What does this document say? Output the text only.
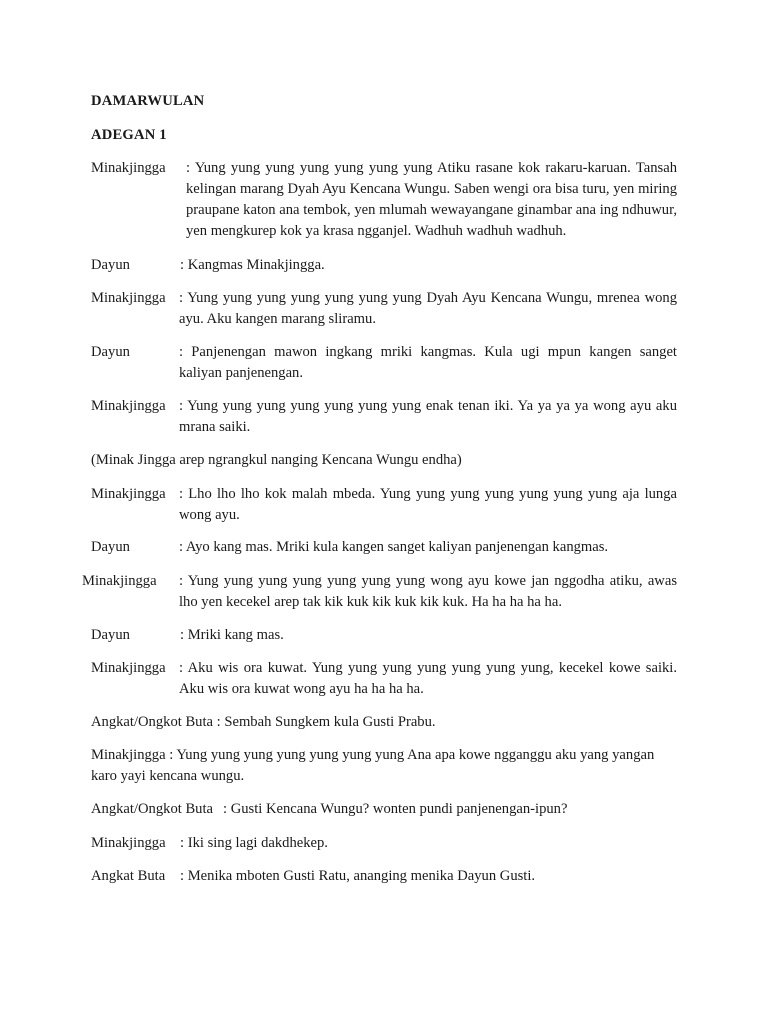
DAMARWULAN
ADEGAN 1
Minakjingga : Yung yung yung yung yung yung yung Atiku rasane kok rakaru-karuan. Tansah kelingan marang Dyah Ayu Kencana Wungu. Saben wengi ora bisa turu, yen miring praupane katon ana tembok, yen mlumah wewayangane ginambar ana ing ndhuwur, yen mengkurep kok ya krasa ngganjel. Wadhuh wadhuh wadhuh.
Dayun	: Kangmas Minakjingga.
Minakjingga : Yung yung yung yung yung yung yung Dyah Ayu Kencana Wungu, mrenea wong ayu. Aku kangen marang sliramu.
Dayun	: Panjenengan mawon ingkang mriki kangmas. Kula ugi mpun kangen sanget kaliyan panjenengan.
Minakjingga : Yung yung yung yung yung yung yung enak tenan iki. Ya ya ya ya wong ayu aku mrana saiki.
(Minak Jingga arep ngrangkul nanging Kencana Wungu endha)
Minakjingga : Lho lho lho kok malah mbeda. Yung yung yung yung yung yung yung aja lunga wong ayu.
Dayun	: Ayo kang mas. Mriki kula kangen sanget kaliyan panjenengan kangmas.
Minakjingga : Yung yung yung yung yung yung yung wong ayu kowe jan nggodha atiku, awas lho yen kecekel arep tak kik kuk kik kuk kik kuk. Ha ha ha ha ha.
Dayun	: Mriki kang mas.
Minakjingga : Aku wis ora kuwat. Yung yung yung yung yung yung yung, kecekel kowe saiki. Aku wis ora kuwat wong ayu ha ha ha ha.
Angkat/Ongkot Buta : Sembah Sungkem kula Gusti Prabu.
Minakjingga : Yung yung yung yung yung yung yung Ana apa kowe ngganggu aku yang yangan karo yayi kencana wungu.
Angkat/Ongkot Buta : Gusti Kencana Wungu? wonten pundi panjenengan-ipun?
Minakjingga : Iki sing lagi dakdhekep.
Angkat Buta : Menika mboten Gusti Ratu, ananging menika Dayun Gusti.
